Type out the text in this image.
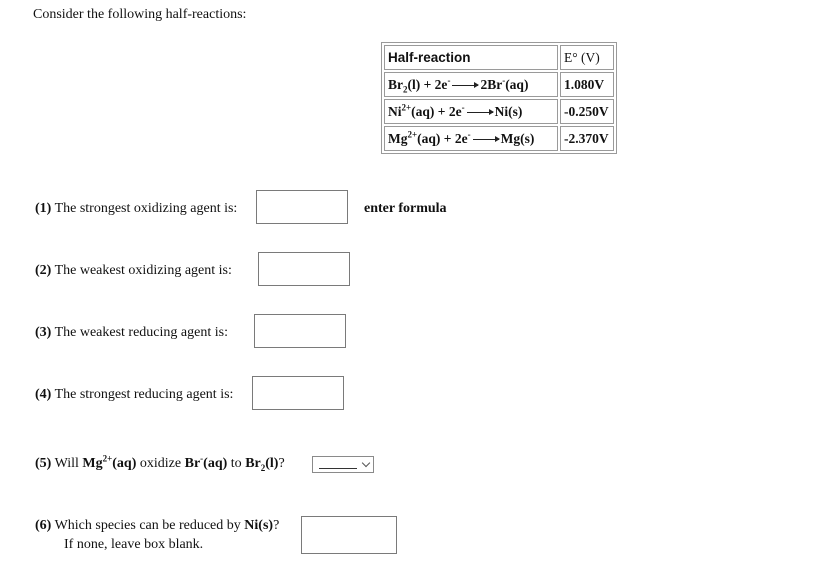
Consider the following half-reactions:
Half-reaction	E° (V)
$Br_2(l) + 2e^-$ 2Br-(aq)	1.080V
$Ni^{2+}(aq) + 2e^-$ Ni(s)	-0.250V
$Mg^{2+}(aq) + 2e^-$ Mg(s)	-2.370V
(1) The strongest oxidizing agent is:	enter formula
(2) The weakest oxidizing agent is:
(3) The weakest reducing agent is:
(4) The strongest reducing agent is:
(5) Will $Mg^{2+}(aq)$ oxidize Br-(aq) to $Br_2(l)$?
(6) Which species can be reduced by Ni(s)?
If none, leave box blank.
